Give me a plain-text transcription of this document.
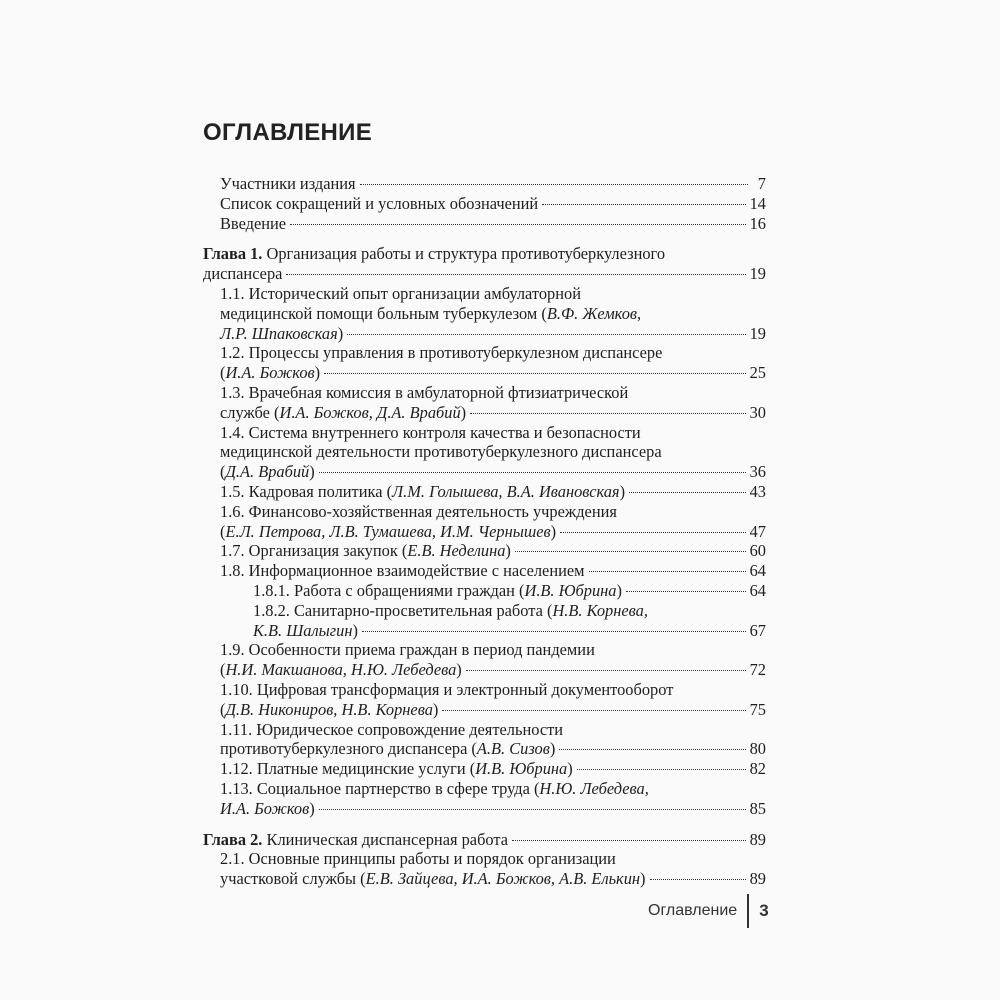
ОГЛАВЛЕНИЕ
Участники издания	7
Список сокращений и условных обозначений	14
Введение	16
Глава 1. Организация работы и структура противотуберкулезного
диспансера	19
1.1. Исторический опыт организации амбулаторной
медицинской помощи больным туберкулезом (В.Ф. Жемков,
Л.Р. Шпаковская)	19
1.2. Процессы управления в противотуберкулезном диспансере
(И.А. Божков)	25
1.3. Врачебная комиссия в амбулаторной фтизиатрической
службе (И.А. Божков, Д.А. Врабий)	30
1.4. Система внутреннего контроля качества и безопасности
медицинской деятельности противотуберкулезного диспансера
(Д.А. Врабий)	36
1.5. Кадровая политика (Л.М. Голышева, В.А. Ивановская)	43
1.6. Финансово-хозяйственная деятельность учреждения
(Е.Л. Петрова, Л.В. Тумашева, И.М. Чернышев)	47
1.7. Организация закупок (Е.В. Неделина)	60
1.8. Информационное взаимодействие с населением	64
1.8.1. Работа с обращениями граждан (И.В. Юбрина)	64
1.8.2. Санитарно-просветительная работа (Н.В. Корнева,
К.В. Шалыгин)	67
1.9. Особенности приема граждан в период пандемии
(Н.И. Макшанова, Н.Ю. Лебедева)	72
1.10. Цифровая трансформация и электронный документооборот
(Д.В. Никониров, Н.В. Корнева)	75
1.11. Юридическое сопровождение деятельности
противотуберкулезного диспансера (А.В. Сизов)	80
1.12. Платные медицинские услуги (И.В. Юбрина)	82
1.13. Социальное партнерство в сфере труда (Н.Ю. Лебедева,
И.А. Божков)	85
Глава 2. Клиническая диспансерная работа	89
2.1. Основные принципы работы и порядок организации
участковой службы (Е.В. Зайцева, И.А. Божков, А.В. Елькин)	89
Оглавление 3
